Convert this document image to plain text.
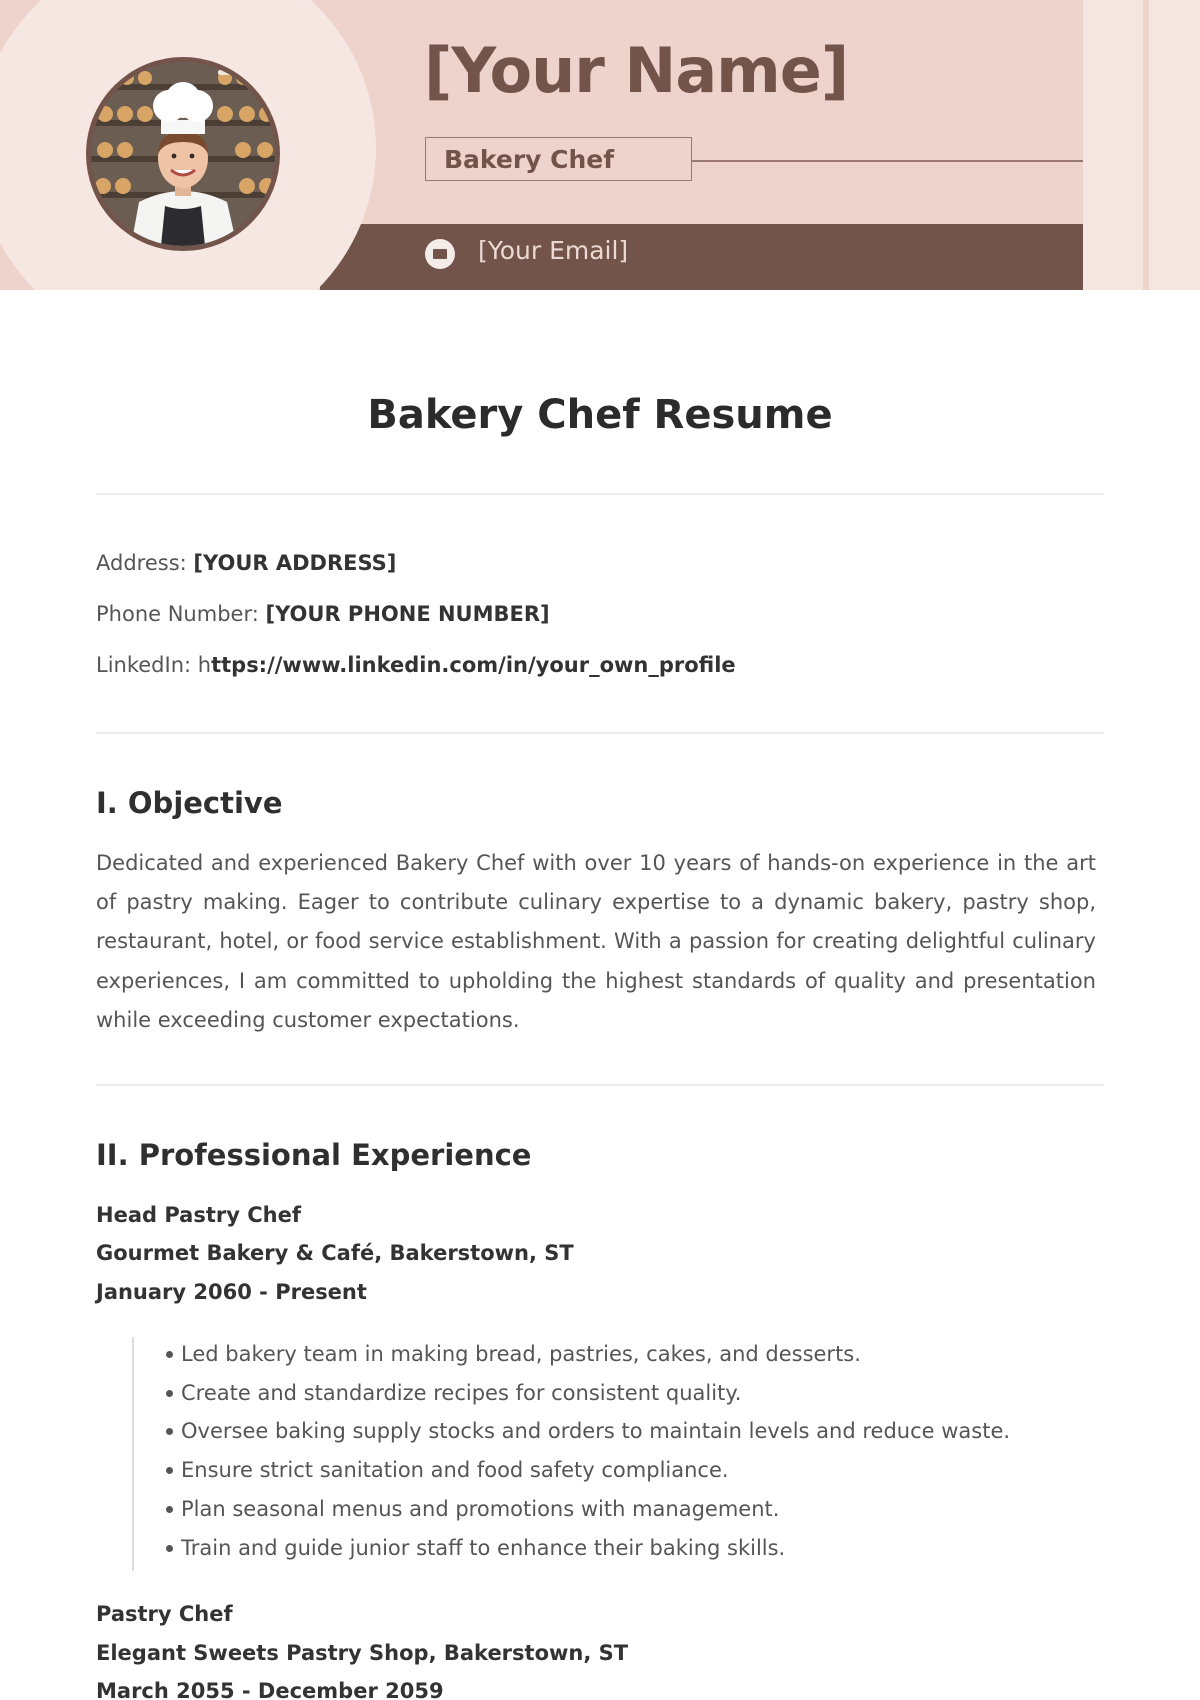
[Your Name]
Bakery Chef
[Your Email]
Bakery Chef Resume
Address: [YOUR ADDRESS]
Phone Number: [YOUR PHONE NUMBER]
LinkedIn: https://www.linkedin.com/in/your_own_profile
I. Objective

Dedicated and experienced Bakery Chef with over 10 years of hands-on experience in the art of pastry making. Eager to contribute culinary expertise to a dynamic bakery, pastry shop, restaurant, hotel, or food service establishment. With a passion for creating delightful culinary experiences, I am committed to upholding the highest standards of quality and presentation while exceeding customer expectations.

II. Professional Experience
Head Pastry Chef
Gourmet Bakery & Café, Bakerstown, ST
January 2060 - Present
Led bakery team in making bread, pastries, cakes, and desserts.
Create and standardize recipes for consistent quality.
Oversee baking supply stocks and orders to maintain levels and reduce waste.
Ensure strict sanitation and food safety compliance.
Plan seasonal menus and promotions with management.
Train and guide junior staff to enhance their baking skills.
Pastry Chef
Elegant Sweets Pastry Shop, Bakerstown, ST
March 2055 - December 2059
